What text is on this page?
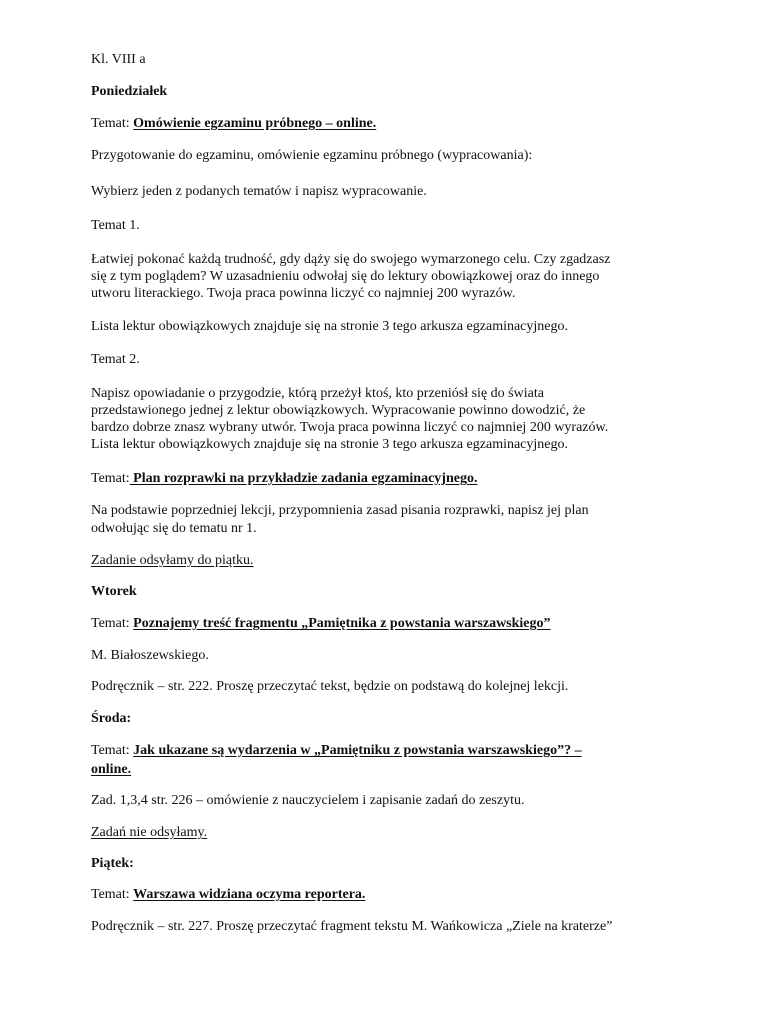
Kl. VIII a

Poniedziałek

Temat: Omówienie egzaminu próbnego – online.

Przygotowanie do egzaminu, omówienie egzaminu próbnego (wypracowania):

Wybierz jeden z podanych tematów i napisz wypracowanie.

Temat 1.

Łatwiej pokonać każdą trudność, gdy dąży się do swojego wymarzonego celu. Czy zgadzasz

się z tym poglądem? W uzasadnieniu odwołaj się do lektury obowiązkowej oraz do innego

utworu literackiego. Twoja praca powinna liczyć co najmniej 200 wyrazów.

Lista lektur obowiązkowych znajduje się na stronie 3 tego arkusza egzaminacyjnego.

Temat 2.

Napisz opowiadanie o przygodzie, którą przeżył ktoś, kto przeniósł się do świata

przedstawionego jednej z lektur obowiązkowych. Wypracowanie powinno dowodzić, że

bardzo dobrze znasz wybrany utwór. Twoja praca powinna liczyć co najmniej 200 wyrazów.

Lista lektur obowiązkowych znajduje się na stronie 3 tego arkusza egzaminacyjnego.

Temat: Plan rozprawki na przykładzie zadania egzaminacyjnego.

Na podstawie poprzedniej lekcji, przypomnienia zasad pisania rozprawki, napisz jej plan

odwołując się do tematu nr 1.

Zadanie odsyłamy do piątku.

Wtorek

Temat: Poznajemy treść fragmentu „Pamiętnika z powstania warszawskiego”

M. Białoszewskiego.

Podręcznik – str. 222. Proszę przeczytać tekst, będzie on podstawą do kolejnej lekcji.

Środa:

Temat: Jak ukazane są wydarzenia w „Pamiętniku z powstania warszawskiego”? –

online.

Zad. 1,3,4 str. 226 – omówienie z nauczycielem i zapisanie zadań do zeszytu.

Zadań nie odsyłamy.

Piątek:

Temat: Warszawa widziana oczyma reportera.

Podręcznik – str. 227. Proszę przeczytać fragment tekstu M. Wańkowicza „Ziele na kraterze”
